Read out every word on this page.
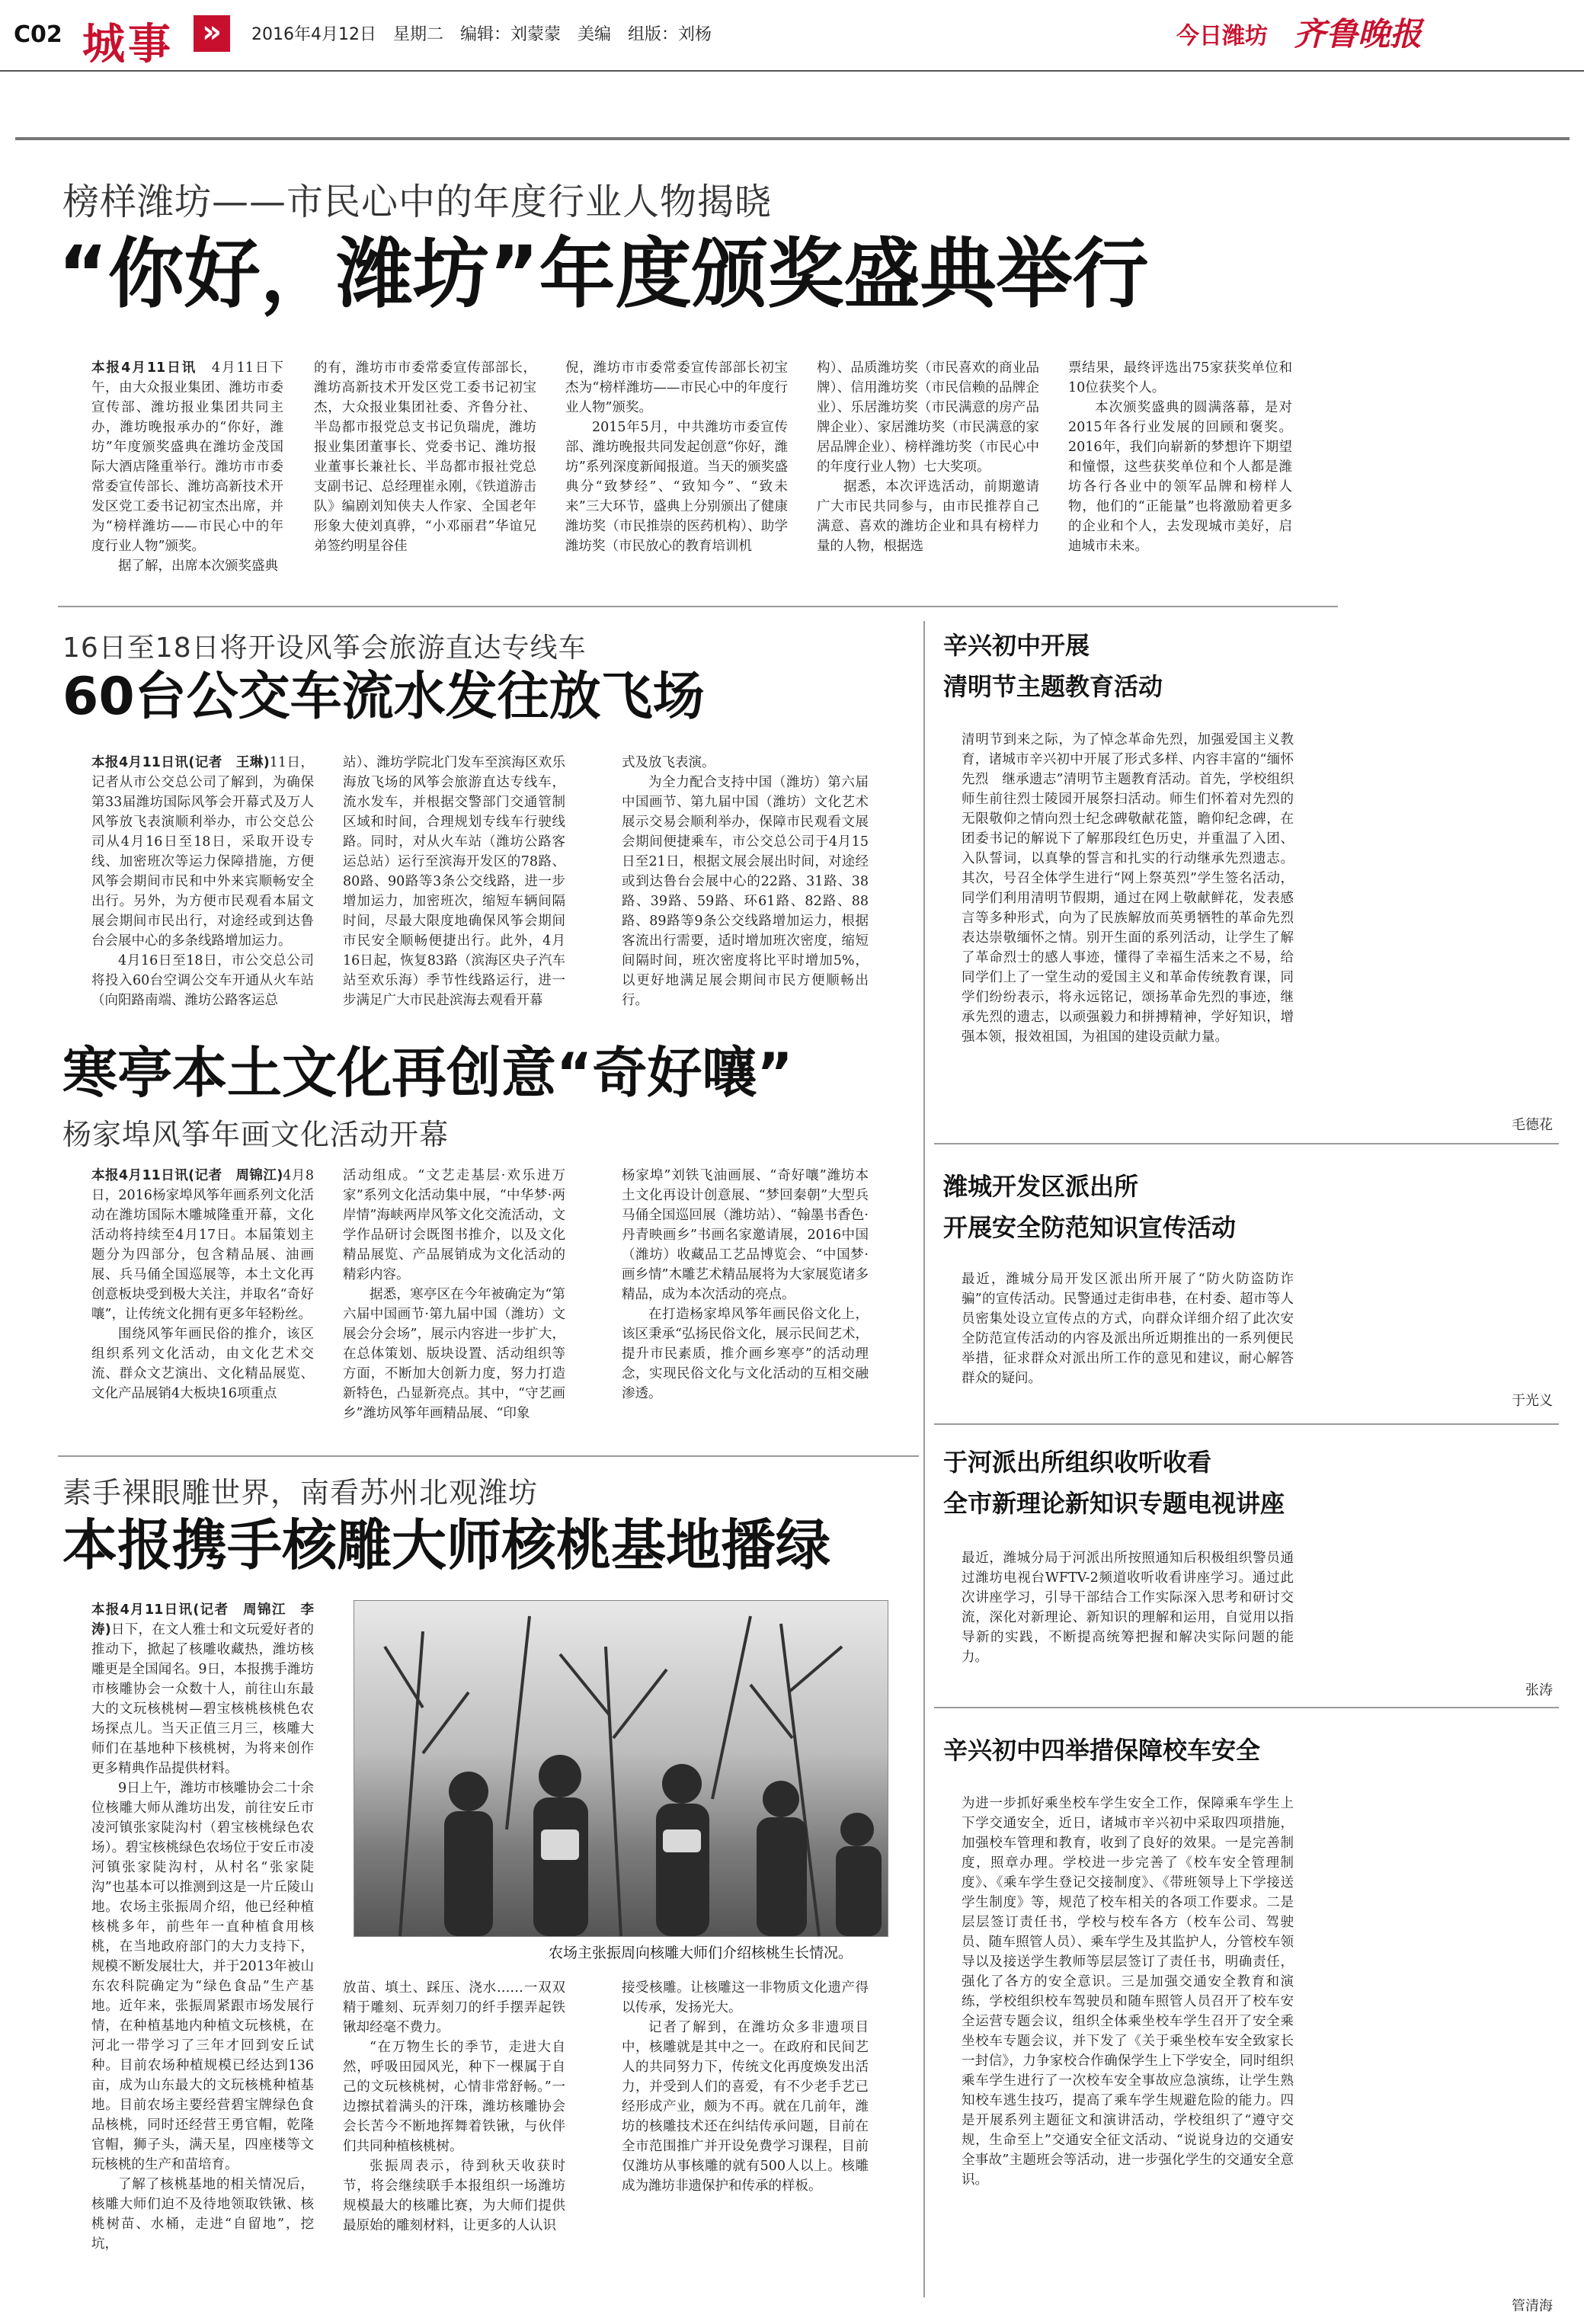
C02 城事 »	2016年4月12日　星期二　编辑：刘蒙蒙　美编　组版：刘杨	今日潍坊 齐鲁晚报
榜样潍坊——市民心中的年度行业人物揭晓
“你好，潍坊”年度颁奖盛典举行

本报4月11日讯　4月11日下午，由大众报业集团、潍坊市委宣传部、潍坊报业集团共同主办，潍坊晚报承办的“你好，潍坊”年度颁奖盛典在潍坊金茂国际大酒店隆重举行。潍坊市市委常委宣传部长、潍坊高新技术开发区党工委书记初宝杰出席，并为“榜样潍坊——市民心中的年度行业人物”颁奖。

据了解，出席本次颁奖盛典

的有，潍坊市市委常委宣传部部长，潍坊高新技术开发区党工委书记初宝杰，大众报业集团社委、齐鲁分社、半岛都市报党总支书记负瑞虎，潍坊报业集团董事长、党委书记、潍坊报业董事长兼社长、半岛都市报社党总支副书记、总经理崔永刚，《铁道游击队》编剧刘知侠夫人作家、全国老年形象大使刘真骅，“小邓丽君”华谊兄弟签约明星谷佳

倪，潍坊市市委常委宣传部部长初宝杰为“榜样潍坊——市民心中的年度行业人物”颁奖。

2015年5月，中共潍坊市委宣传部、潍坊晚报共同发起创意“你好，潍坊”系列深度新闻报道。当天的颁奖盛典分“致梦经”、“致知今”、“致未来”三大环节，盛典上分别颁出了健康潍坊奖（市民推崇的医药机构）、助学潍坊奖（市民放心的教育培训机

构）、品质潍坊奖（市民喜欢的商业品牌）、信用潍坊奖（市民信赖的品牌企业）、乐居潍坊奖（市民满意的房产品牌企业）、家居潍坊奖（市民满意的家居品牌企业）、榜样潍坊奖（市民心中的年度行业人物）七大奖项。

据悉，本次评选活动，前期邀请广大市民共同参与，由市民推荐自己满意、喜欢的潍坊企业和具有榜样力量的人物，根据选

票结果，最终评选出75家获奖单位和10位获奖个人。

本次颁奖盛典的圆满落幕，是对2015年各行业发展的回顾和褒奖。2016年，我们向崭新的梦想许下期望和憧憬，这些获奖单位和个人都是潍坊各行各业中的领军品牌和榜样人物，他们的“正能量”也将激励着更多的企业和个人，去发现城市美好，启迪城市未来。

16日至18日将开设风筝会旅游直达专线车
60台公交车流水发往放飞场

本报4月11日讯(记者　王琳)11日，记者从市公交总公司了解到，为确保第33届潍坊国际风筝会开幕式及万人风筝放飞表演顺利举办，市公交总公司从4月16日至18日，采取开设专线、加密班次等运力保障措施，方便风筝会期间市民和中外来宾顺畅安全出行。另外，为方便市民观看本届文展会期间市民出行，对途经或到达鲁台会展中心的多条线路增加运力。

4月16日至18日，市公交总公司将投入60台空调公交车开通从火车站（向阳路南端、潍坊公路客运总

站）、潍坊学院北门发车至滨海区欢乐海放飞场的风筝会旅游直达专线车，流水发车，并根据交警部门交通管制区域和时间，合理规划专线车行驶线路。同时，对从火车站（潍坊公路客运总站）运行至滨海开发区的78路、80路、90路等3条公交线路，进一步增加运力，加密班次，缩短车辆间隔时间，尽最大限度地确保风筝会期间市民安全顺畅便捷出行。此外，4月16日起，恢复83路（滨海区央子汽车站至欢乐海）季节性线路运行，进一步满足广大市民赴滨海去观看开幕

式及放飞表演。

为全力配合支持中国（潍坊）第六届中国画节、第九届中国（潍坊）文化艺术展示交易会顺利举办，保障市民观看文展会期间便捷乘车，市公交总公司于4月15日至21日，根据文展会展出时间，对途经或到达鲁台会展中心的22路、31路、38路、39路、59路、环61路、82路、88路、89路等9条公交线路增加运力，根据客流出行需要，适时增加班次密度，缩短间隔时间，班次密度将比平时增加5%，以更好地满足展会期间市民方便顺畅出行。

寒亭本土文化再创意“奇好嚷”
杨家埠风筝年画文化活动开幕

本报4月11日讯(记者　周锦江)4月8日，2016杨家埠风筝年画系列文化活动在潍坊国际木雕城隆重开幕，文化活动将持续至4月17日。本届策划主题分为四部分，包含精品展、油画展、兵马俑全国巡展等，本土文化再创意板块受到极大关注，并取名“奇好嚷”，让传统文化拥有更多年轻粉丝。

围绕风筝年画民俗的推介，该区组织系列文化活动，由文化艺术交流、群众文艺演出、文化精品展览、文化产品展销4大板块16项重点

活动组成。“文艺走基层·欢乐进万家”系列文化活动集中展，“中华梦·两岸情”海峡两岸风筝文化交流活动，文学作品研讨会既图书推介，以及文化精品展览、产品展销成为文化活动的精彩内容。

据悉，寒亭区在今年被确定为“第六届中国画节·第九届中国（潍坊）文展会分会场”，展示内容进一步扩大，在总体策划、版块设置、活动组织等方面，不断加大创新力度，努力打造新特色，凸显新亮点。其中，“守艺画乡”潍坊风筝年画精品展、“印象

杨家埠”刘铁飞油画展、“奇好嚷”潍坊本土文化再设计创意展、“梦回秦朝”大型兵马俑全国巡回展（潍坊站）、“翰墨书香色·丹青映画乡”书画名家邀请展，2016中国（潍坊）收藏品工艺品博览会、“中国梦·画乡情”木雕艺术精品展将为大家展览诸多精品，成为本次活动的亮点。

在打造杨家埠风筝年画民俗文化上，该区秉承“弘扬民俗文化，展示民间艺术，提升市民素质，推介画乡寒亭”的活动理念，实现民俗文化与文化活动的互相交融渗透。

素手裸眼雕世界，南看苏州北观潍坊
本报携手核雕大师核桃基地播绿

本报4月11日讯(记者　周锦江　李涛)日下，在文人雅士和文玩爱好者的推动下，掀起了核雕收藏热，潍坊核雕更是全国闻名。9日，本报携手潍坊市核雕协会一众数十人，前往山东最大的文玩核桃树—碧宝核桃核桃色农场探点儿。当天正值三月三，核雕大师们在基地种下核桃树，为将来创作更多精典作品提供材料。

9日上午，潍坊市核雕协会二十余位核雕大师从潍坊出发，前往安丘市凌河镇张家陡沟村（碧宝核桃绿色农场）。碧宝核桃绿色农场位于安丘市凌河镇张家陡沟村，从村名“张家陡沟”也基本可以推测到这是一片丘陵山地。农场主张振周介绍，他已经种植核桃多年，前些年一直种植食用核桃，在当地政府部门的大力支持下，规模不断发展壮大，并于2013年被山东农科院确定为“绿色食品”生产基地。近年来，张振周紧跟市场发展行情，在种植基地内种植文玩核桃，在河北一带学习了三年才回到安丘试种。目前农场种植规模已经达到136亩，成为山东最大的文玩核桃种植基地。目前农场主要经营碧宝牌绿色食品核桃，同时还经营王勇官帽，乾隆官帽，狮子头，满天星，四座楼等文玩核桃的生产和苗培育。

了解了核桃基地的相关情况后，核雕大师们迫不及待地领取铁锹、核桃树苗、水桶，走进“自留地”，挖坑，

农场主张振周向核雕大师们介绍核桃生长情况。

放苗、填土、踩压、浇水……一双双精于雕刻、玩弄刻刀的纤手摆弄起铁锹却经毫不费力。

“在万物生长的季节，走进大自然，呼吸田园风光，种下一棵属于自己的文玩核桃树，心情非常舒畅。”一边擦拭着满头的汗珠，潍坊核雕协会会长苦今不断地挥舞着铁锹，与伙伴们共同种植核桃树。

张振周表示，待到秋天收获时节，将会继续联手本报组织一场潍坊规模最大的核雕比赛，为大师们提供最原始的雕刻材料，让更多的人认识

接受核雕。让核雕这一非物质文化遗产得以传承，发扬光大。

记者了解到，在潍坊众多非遗项目中，核雕就是其中之一。在政府和民间艺人的共同努力下，传统文化再度焕发出活力，并受到人们的喜爱，有不少老手艺已经形成产业，颇为不再。就在几前年，潍坊的核雕技术还在纠结传承问题，目前在全市范围推广并开设免费学习课程，目前仅潍坊从事核雕的就有500人以上。核雕成为潍坊非遗保护和传承的样板。

辛兴初中开展
清明节主题教育活动

清明节到来之际，为了悼念革命先烈，加强爱国主义教育，诸城市辛兴初中开展了形式多样、内容丰富的“缅怀先烈　继承遗志”清明节主题教育活动。首先，学校组织师生前往烈士陵园开展祭扫活动。师生们怀着对先烈的无限敬仰之情向烈士纪念碑敬献花篮，瞻仰纪念碑，在团委书记的解说下了解那段红色历史，并重温了入团、入队誓词，以真挚的誓言和扎实的行动继承先烈遗志。其次，号召全体学生进行“网上祭英烈”学生签名活动，同学们利用清明节假期，通过在网上敬献鲜花，发表感言等多种形式，向为了民族解放而英勇牺牲的革命先烈表达崇敬缅怀之情。别开生面的系列活动，让学生了解了革命烈士的感人事迹，懂得了幸福生活来之不易，给同学们上了一堂生动的爱国主义和革命传统教育课，同学们纷纷表示，将永远铭记，颂扬革命先烈的事迹，继承先烈的遗志，以顽强毅力和拼搏精神，学好知识，增强本领，报效祖国，为祖国的建设贡献力量。

毛德花
潍城开发区派出所
开展安全防范知识宣传活动

最近，潍城分局开发区派出所开展了“防火防盗防诈骗”的宣传活动。民警通过走街串巷，在村委、超市等人员密集处设立宣传点的方式，向群众详细介绍了此次安全防范宣传活动的内容及派出所近期推出的一系列便民举措，征求群众对派出所工作的意见和建议，耐心解答群众的疑问。

于光义
于河派出所组织收听收看
全市新理论新知识专题电视讲座

最近，潍城分局于河派出所按照通知后积极组织警员通过潍坊电视台WFTV-2频道收听收看讲座学习。通过此次讲座学习，引导干部结合工作实际深入思考和研讨交流，深化对新理论、新知识的理解和运用，自觉用以指导新的实践，不断提高统筹把握和解决实际问题的能力。

张涛
辛兴初中四举措保障校车安全

为进一步抓好乘坐校车学生安全工作，保障乘车学生上下学交通安全，近日，诸城市辛兴初中采取四项措施，加强校车管理和教育，收到了良好的效果。一是完善制度，照章办理。学校进一步完善了《校车安全管理制度》、《乘车学生登记交接制度》、《带班领导上下学接送学生制度》等，规范了校车相关的各项工作要求。二是层层签订责任书，学校与校车各方（校车公司、驾驶员、随车照管人员）、乘车学生及其监护人，分管校车领导以及接送学生教师等层层签订了责任书，明确责任，强化了各方的安全意识。三是加强交通安全教育和演练，学校组织校车驾驶员和随车照管人员召开了校车安全运营专题会议，组织全体乘坐校车学生召开了安全乘坐校车专题会议，并下发了《关于乘坐校车安全致家长一封信》，力争家校合作确保学生上下学安全，同时组织乘车学生进行了一次校车安全事故应急演练，让学生熟知校车逃生技巧，提高了乘车学生规避危险的能力。四是开展系列主题征文和演讲活动，学校组织了“遵守交规，生命至上”交通安全征文活动、“说说身边的交通安全事故”主题班会等活动，进一步强化学生的交通安全意识。

管清海
